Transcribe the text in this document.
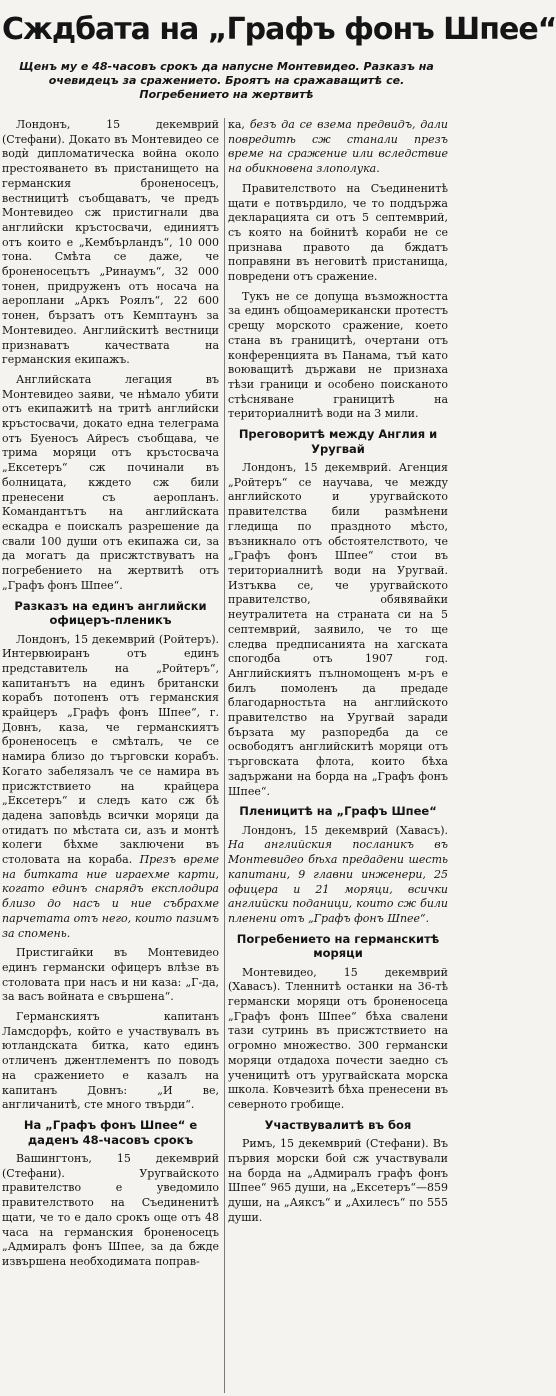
Сждбата на „Графъ фонъ Шпее“
Щенъ му е 48-часовъ срокъ да напусне Монтевидео. Разказъ на очевидецъ за сражението. Броятъ на сражаващитѣ се. Погребението на жертвитѣ

Лондонъ, 15 декемврий (Стефани). Докато въ Монтевидео се водѝ дипломатическа война около престояването въ пристанището на германския броненосецъ, вестницитѣ съобщаватъ, че предъ Монтевидео сж пристигнали два английски кръстосвачи, единиятъ отъ които е „Кембърландъ“, 10 000 тона. Смѣта се даже, че броненосецътъ „Ринаумъ“, 32 000 тонен, придруженъ отъ носача на аероплани „Аркъ Роялъ“, 22 600 тонен, бързатъ отъ Кемптаунъ за Монтевидео. Английскитѣ вестници признаватъ качествата на германския екипажъ.

Английската легация въ Монтевидео заяви, че нѣмало убити отъ екипажитѣ на тритѣ английски кръстосвачи, докато една телеграма отъ Буеносъ Айресъ съобщава, че трима моряци отъ кръстосвача „Ексетеръ“ сж починали въ болницата, кждето сж били пренесени съ аеропланъ. Командантътъ на английската ескадра е поискалъ разрешение да свали 100 души отъ екипажа си, за да могатъ да присжтствуватъ на погребението на жертвитѣ отъ „Графъ фонъ Шпее“.

Разказъ на единъ английски офицеръ-пленикъ

Лондонъ, 15 декемврий (Ройтеръ). Интервюиранъ отъ единъ представитель на „Ройтеръ“, капитанътъ на единъ британски корабъ потопенъ отъ германския крайцеръ „Графъ фонъ Шпее“, г. Довнъ, каза, че германскиятъ броненосецъ е смѣталъ, че се намира близо до търговски корабъ. Когато забелязалъ че се намира въ присжтствието на крайцера „Ексетеръ“ и следъ като сж бѣ дадена заповѣдь всички моряци да отидатъ по мѣстата си, азъ и монтѣ колеги бѣхме заключени въ столовата на кораба. Презъ време на битката ние играехме карти, когато единъ снарядъ експлодира близо до насъ и ние събрахме парчетата отъ него, които пазимъ за спомень.

Пристигайки въ Монтевидео единъ германски офицеръ влѣзе въ столовата при насъ и ни каза: „Г-да, за васъ войната е свършена“.

Германскиятъ капитанъ Ламсдорфъ, който е участвувалъ въ ютландската битка, като единъ отличенъ джентлементъ по поводъ на сражението е казалъ на капитанъ Довнъ: „И ве, англичанитѣ, сте много твърди“.

На „Графъ фонъ Шпее“ е даденъ 48-часовъ срокъ

Вашингтонъ, 15 декемврий (Стефани). Уругвайското правителство е уведомило правителството на Съединенитѣ щати, че то е дало срокъ още отъ 48 часа на германския броненосецъ „Адмиралъ фонъ Шпее, за да бжде извършена необходимата поправ-

ка, безъ да се взема предвидъ, дали повредитѣ сж станали презъ време на сражение или вследствие на обикновена злополука.

Правителството на Съединенитѣ щати е потвърдило, че то поддържа декларацията си отъ 5 септемврий, съ която на бойнитѣ кораби не се признава правото да бждатъ поправяни въ неговитѣ пристанища, повредени отъ сражение.

Тукъ не се допуща възможността за единъ общоамерикански протестъ срещу морското сражение, което стана въ границитѣ, очертани отъ конференцията въ Панама, тъй като воюващитѣ държави не признаха тѣзи граници и особено поисканото стѣсняване границитѣ на териториалнитѣ води на 3 мили.

Преговоритѣ между Англия и Уругвай

Лондонъ, 15 декемврий. Агенция „Ройтеръ“ се научава, че между английското и уругвайското правителства били размѣнени гледища по праздното мѣсто, възникнало отъ обстоятелството, че „Графъ фонъ Шпее“ стои въ териториалнитѣ води на Уругвай. Изтъква се, че уругвайското правителство, обявявайки неутралитета на страната си на 5 септемврий, заявило, че то ще следва предписанията на хагската спогодба отъ 1907 год. Английскиятъ пълномощенъ м-ръ е билъ помоленъ да предаде благодарностьта на английското правителство на Уругвай заради бързата му разпоредба да се освободятъ английскитѣ моряци отъ търговската флота, които бѣха задържани на борда на „Графъ фонъ Шпее“.

Пленицитѣ на „Графъ Шпее“

Лондонъ, 15 декемврий (Хавасъ). На английския посланикъ въ Монтевидео бѣха предадени шесть капитани, 9 главни инженери, 25 офицера и 21 моряци, всички английски поданици, които сж били пленени отъ „Графъ фонъ Шпее“.

Погребението на германскитѣ моряци

Монтевидео, 15 декемврий (Хавасъ). Тленнитѣ останки на 36-тѣ германски моряци отъ броненосеца „Графъ фонъ Шпее“ бѣха свалени тази сутринь въ присжтствието на огромно множество. 300 германски моряци отдадоха почести заедно съ ученицитѣ отъ уругвайската морска школа. Ковчезитѣ бѣха пренесени въ северното гробище.

Участвувалитѣ въ боя

Римъ, 15 декемврий (Стефани). Въ първия морски бой сж участвували на борда на „Адмиралъ графъ фонъ Шпее“ 965 души, на „Ексетеръ“—859 души, на „Аяксъ“ и „Ахилесъ“ по 555 души.
